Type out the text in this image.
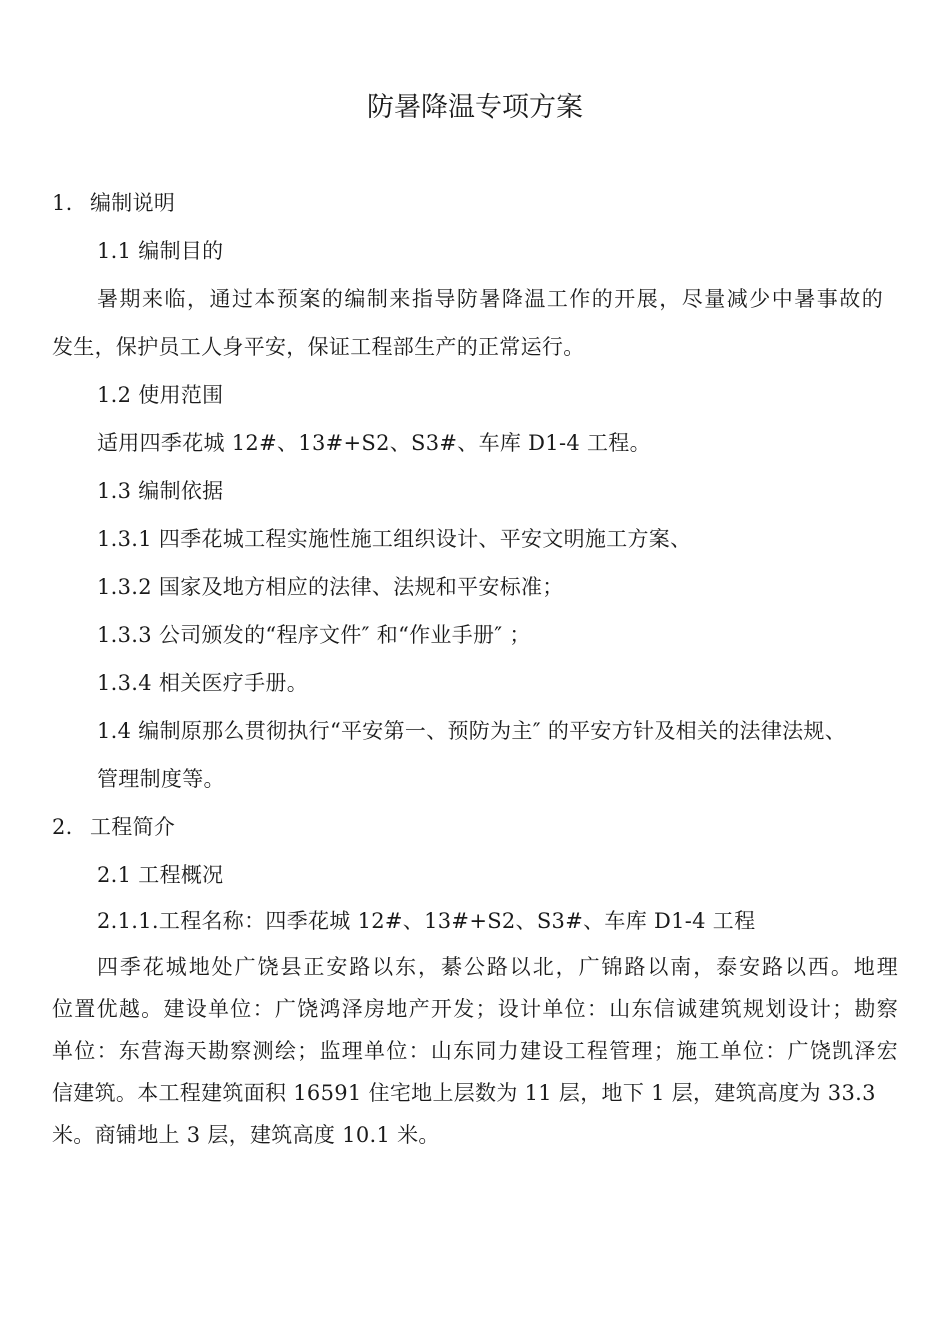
防暑降温专项方案
1. 编制说明
1.1 编制目的
暑期来临，通过本预案的编制来指导防暑降温工作的开展，尽量减少中暑事故的
发生，保护员工人身平安，保证工程部生产的正常运行。
1.2 使用范围
适用四季花城 12#、13#+S2、S3#、车库 D1-4 工程。
1.3 编制依据
1.3.1 四季花城工程实施性施工组织设计、平安文明施工方案、
1.3.2 国家及地方相应的法律、法规和平安标准；
1.3.3 公司颁发的“程序文件″ 和“作业手册″ ；
1.3.4 相关医疗手册。
1.4 编制原那么贯彻执行“平安第一、预防为主″ 的平安方针及相关的法律法规、
管理制度等。
2. 工程简介
2.1 工程概况
2.1.1.工程名称：四季花城 12#、13#+S2、S3#、车库 D1-4 工程
四季花城地处广饶县正安路以东，綦公路以北，广锦路以南，泰安路以西。地理
位置优越。建设单位：广饶鸿泽房地产开发；设计单位：山东信诚建筑规划设计；勘察
单位：东营海天勘察测绘；监理单位：山东同力建设工程管理；施工单位：广饶凯泽宏
信建筑。本工程建筑面积 16591 住宅地上层数为 11 层，地下 1 层，建筑高度为 33.3
米。商铺地上 3 层，建筑高度 10.1 米。
